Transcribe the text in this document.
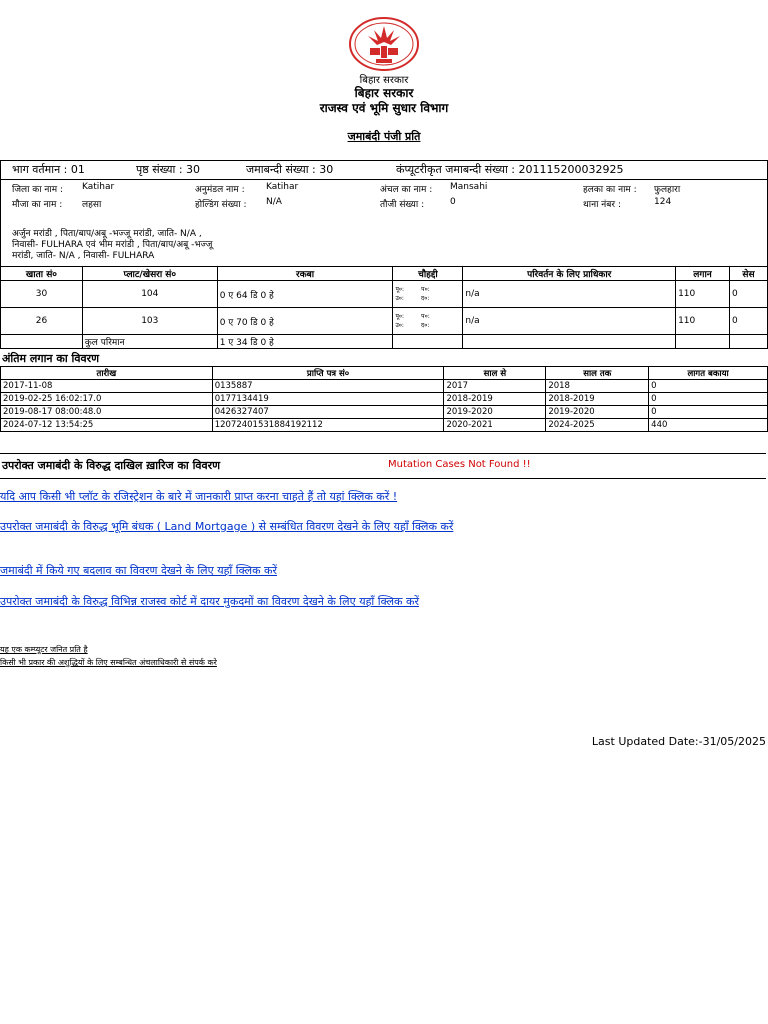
बिहार सरकार
बिहार सरकार
राजस्व एवं भूमि सुधार विभाग
जमाबंदी पंजी प्रति
भाग वर्तमान : 01	पृष्ठ संख्या : 30	जमाबन्दी संख्या : 30	कंप्यूटरीकृत जमाबन्दी संख्या : 201115200032925
जिला का नाम : Katihar	अनुमंडल नाम : Katihar	अंचल का नाम : Mansahi	हलका का नाम : फुलहारा
मौजा का नाम : लहसा	होल्डिंग संख्या : N/A	तौजी संख्या :	0	थाना नंबर :	124
अर्जुन मरांडी , पिता/बाप/अबू -भज्जू मरांडी, जाति- N/A ,
निवासी- FULHARA एवं भीम मरांडी , पिता/बाप/अबू -भज्जू
मरांडी, जाति- N/A , निवासी- FULHARA
खाता सं०	प्लाट/खेसरा सं०	रकबा	चौहद्दी	परिवर्तन के लिए प्राधिकार	लगान	सेस
30	104	0 ए 64 डि 0 हे	पू०: प०:
उ०: द०:	n/a	110	0
26	103	0 ए 70 डि 0 हे	पू०: प०:
उ०: द०:	n/a	110	0
	कुल परिमान	1 ए 34 डि 0 हे				
अंतिम लगान का विवरण
तारीख	प्राप्ति पत्र सं०	साल से	साल तक	लागत बकाया
2017-11-08	0135887	2017	2018	0
2019-02-25 16:02:17.0	0177134419	2018-2019	2018-2019	0
2019-08-17 08:00:48.0	0426327407	2019-2020	2019-2020	0
2024-07-12 13:54:25	12072401531884192112	2020-2021	2024-2025	440
उपरोक्त जमाबंदी के विरुद्ध दाखिल ख़ारिज का विवरण	Mutation Cases Not Found !!
यदि आप किसी भी प्लॉट के रजिस्ट्रेशन के बारे में जानकारी प्राप्त करना चाहते हैं तो यहां क्लिक करें !
उपरोक्त जमाबंदी के विरुद्ध भूमि बंधक ( Land Mortgage ) से सम्बंधित विवरण देखने के लिए यहाँ क्लिक करें
जमाबंदी में किये गए बदलाव का विवरण देखने के लिए यहाँ क्लिक करें
उपरोक्त जमाबंदी के विरुद्ध विभिन्न राजस्व कोर्ट में दायर मुकदमों का विवरण देखने के लिए यहाँ क्लिक करें
यह एक कम्प्यूटर जनित प्रति है
किसी भी प्रकार की अशुद्धियों के लिए सम्बन्धित अंचलाधिकारी से संपर्क करे
Last Updated Date:-31/05/2025
